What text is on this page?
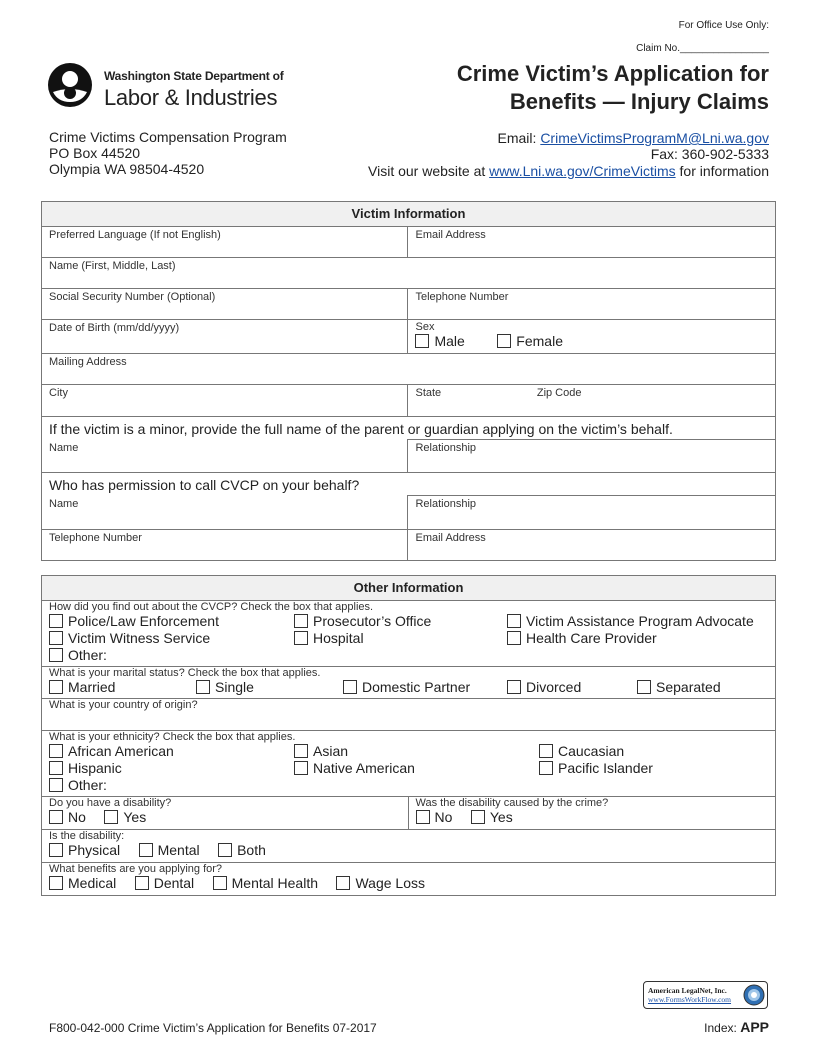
For Office Use Only:
Claim No.________________
Washington State Department of
Labor & Industries
Crime Victim’s Application for
Benefits — Injury Claims
Crime Victims Compensation Program
PO Box 44520
Olympia WA 98504-4520
Email: CrimeVictimsProgramM@Lni.wa.gov
Fax: 360-902-5333
Visit our website at www.Lni.wa.gov/CrimeVictims for information
Victim Information		
Preferred Language (If not English)	Email Address	
Name (First, Middle, Last)		
Social Security Number (Optional)	Telephone Number	
Date of Birth (mm/dd/yyyy)	Sex
Male Female	
Mailing Address		
City	State	Zip Code
If the victim is a minor, provide the full name of the parent or guardian applying on the victim’s behalf.		
Name	Relationship	
Who has permission to call CVCP on your behalf?		
Name	Relationship	
Telephone Number	Email Address	
Other Information

How did you find out about the CVCP? Check the box that applies.
Police/Law Enforcement	Prosecutor’s Office	Victim Assistance Program Advocate
Victim Witness Service	Hospital	Health Care Provider
Other:

What is your marital status? Check the box that applies.
Married	Single	Domestic Partner	Divorced	Separated

What is your country of origin?

What is your ethnicity? Check the box that applies.
African American	Asian	Caucasian
Hispanic	Native American	Pacific Islander
Other:

Do you have a disability?
No	Yes	
Was the disability caused by the crime?
No	Yes

Is the disability:
Physical	Mental	Both

What benefits are you applying for?
Medical	Dental	Mental Health	Wage Loss
American LegalNet, Inc.
www.FormsWorkFlow.com
F800-042-000 Crime Victim’s Application for Benefits 07-2017	Index: APP
